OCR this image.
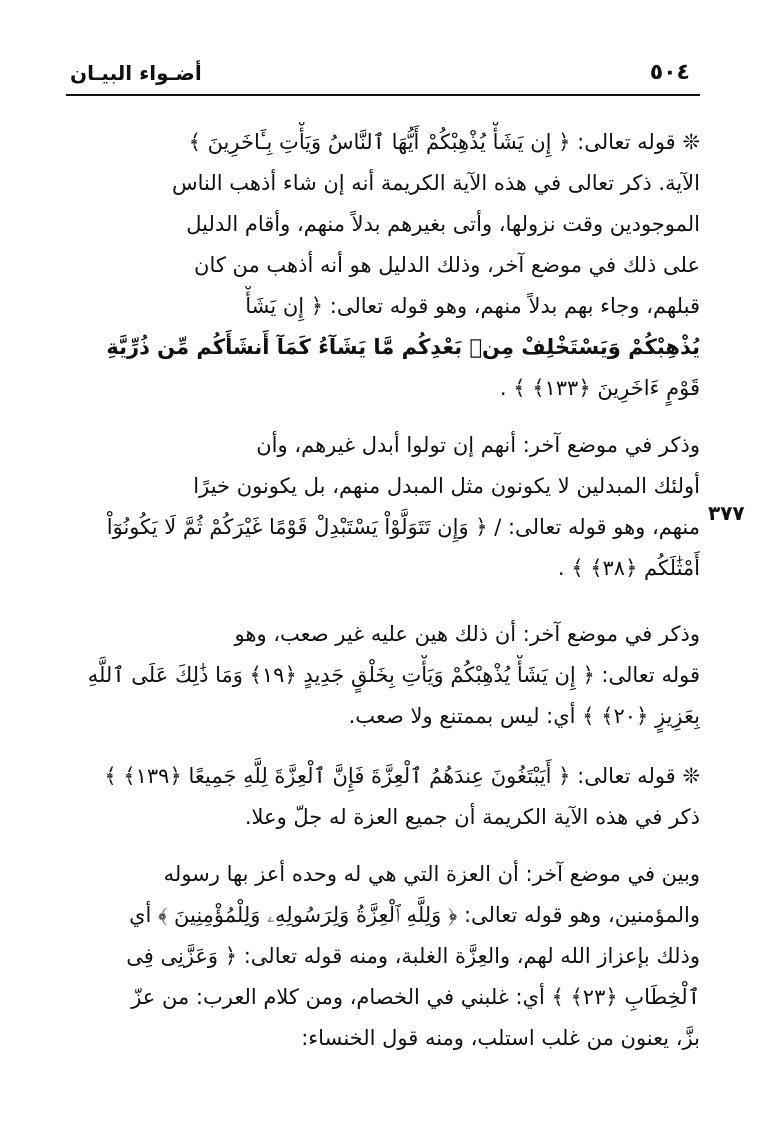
٥٠٤
أضـواء البيـان
٣٧٧
❊ قوله تعالى: ﴿ إِن يَشَأْ يُذْهِبْكُمْ أَيُّهَا ٱلنَّاسُ وَيَأْتِ بِـَٔاخَرِينَ ﴾
الآية. ذكر تعالى في هذه الآية الكريمة أنه إن شاء أذهب الناس
الموجودين وقت نزولها، وأتى بغيرهم بدلاً منهم، وأقام الدليل
على ذلك في موضع آخر، وذلك الدليل هو أنه أذهب من كان
قبلهم، وجاء بهم بدلاً منهم، وهو قوله تعالى: ﴿ إِن يَشَأْ
يُذْهِبْكُمْ وَيَسْتَخْلِفْ مِنۢ بَعْدِكُم مَّا يَشَآءُ كَمَآ أَنشَأَكُم مِّن ذُرِّيَّةِ
قَوْمٍ ءَاخَرِينَ ﴿١٣٣﴾ ﴾ .
وذكر في موضع آخر: أنهم إن تولوا أبدل غيرهم، وأن
أولئك المبدلين لا يكونون مثل المبدل منهم، بل يكونون خيرًا
منهم، وهو قوله تعالى: / ﴿ وَإِن تَتَوَلَّوْاْ يَسْتَبْدِلْ قَوْمًا غَيْرَكُمْ ثُمَّ لَا يَكُونُوٓاْ
أَمْثَٰلَكُم ﴿٣٨﴾ ﴾ .
وذكر في موضع آخر: أن ذلك هين عليه غير صعب، وهو
قوله تعالى: ﴿ إِن يَشَأْ يُذْهِبْكُمْ وَيَأْتِ بِخَلْقٍ جَدِيدٍ ﴿١٩﴾ وَمَا ذَٰلِكَ عَلَى ٱللَّهِ
بِعَزِيزٍ ﴿٢٠﴾ ﴾ أي: ليس بممتنع ولا صعب.
❊ قوله تعالى: ﴿ أَيَبْتَغُونَ عِندَهُمُ ٱلْعِزَّةَ فَإِنَّ ٱلْعِزَّةَ لِلَّهِ جَمِيعًا ﴿١٣٩﴾ ﴾
ذكر في هذه الآية الكريمة أن جميع العزة له جلّ وعلا.
وبين في موضع آخر: أن العزة التي هي له وحده أعز بها رسوله
والمؤمنين، وهو قوله تعالى: ﴿ وَلِلَّهِ ٱلْعِزَّةُ وَلِرَسُولِهِۦ وَلِلْمُؤْمِنِينَ ﴾ أي
وذلك بإعزاز الله لهم، والعِزَّة الغلبة، ومنه قوله تعالى: ﴿ وَعَزَّنِى فِى
ٱلْخِطَابِ ﴿٢٣﴾ ﴾ أي: غلبني في الخصام، ومن كلام العرب: من عزّ
بزَّ، يعنون من غلب استلب، ومنه قول الخنساء:
